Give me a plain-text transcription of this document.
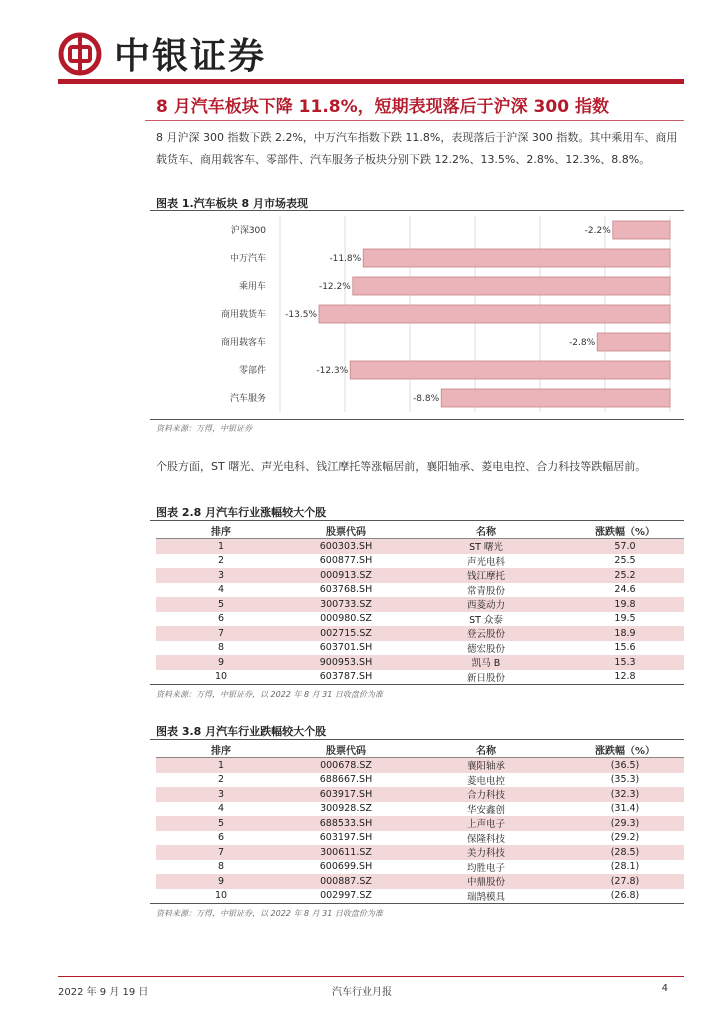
中银证券
8 月汽车板块下降 11.8%，短期表现落后于沪深 300 指数
8 月沪深 300 指数下跌 2.2%，中万汽车指数下跌 11.8%，表现落后于沪深 300 指数。其中乘用车、商用载货车、商用载客车、零部件、汽车服务子板块分别下跌 12.2%、13.5%、2.8%、12.3%、8.8%。
图表 1.汽车板块 8 月市场表现
沪深300	-2.2%
中万汽车	-11.8%
乘用车	-12.2%
商用载货车 -13.5%
商用载客车	-2.8%
零部件	-12.3%
汽车服务	-8.8%
资料来源：万得，中银证券
个股方面，ST 曙光、声光电科、钱江摩托等涨幅居前，襄阳轴承、菱电电控、合力科技等跌幅居前。
图表 2.8 月汽车行业涨幅较大个股
排序	股票代码	名称	涨跌幅（%）
1	600303.SH	ST 曙光	57.0
2	600877.SH	声光电科	25.5
3	000913.SZ	钱江摩托	25.2
4	603768.SH	常青股份	24.6
5	300733.SZ	西菱动力	19.8
6	000980.SZ	ST 众泰	19.5
7	002715.SZ	登云股份	18.9
8	603701.SH	德宏股份	15.6
9	900953.SH	凯马 B	15.3
10	603787.SH	新日股份	12.8
资料来源：万得，中银证券，以 2022 年 8 月 31 日收盘价为准
图表 3.8 月汽车行业跌幅较大个股
排序	股票代码	名称	涨跌幅（%）
1	000678.SZ	襄阳轴承	(36.5)
2	688667.SH	菱电电控	(35.3)
3	603917.SH	合力科技	(32.3)
4	300928.SZ	华安鑫创	(31.4)
5	688533.SH	上声电子	(29.3)
6	603197.SH	保隆科技	(29.2)
7	300611.SZ	美力科技	(28.5)
8	600699.SH	均胜电子	(28.1)
9	000887.SZ	中鼎股份	(27.8)
10	002997.SZ	瑞鹄模具	(26.8)
资料来源：万得，中银证券，以 2022 年 8 月 31 日收盘价为准
2022 年 9 月 19 日	汽车行业月报	4
